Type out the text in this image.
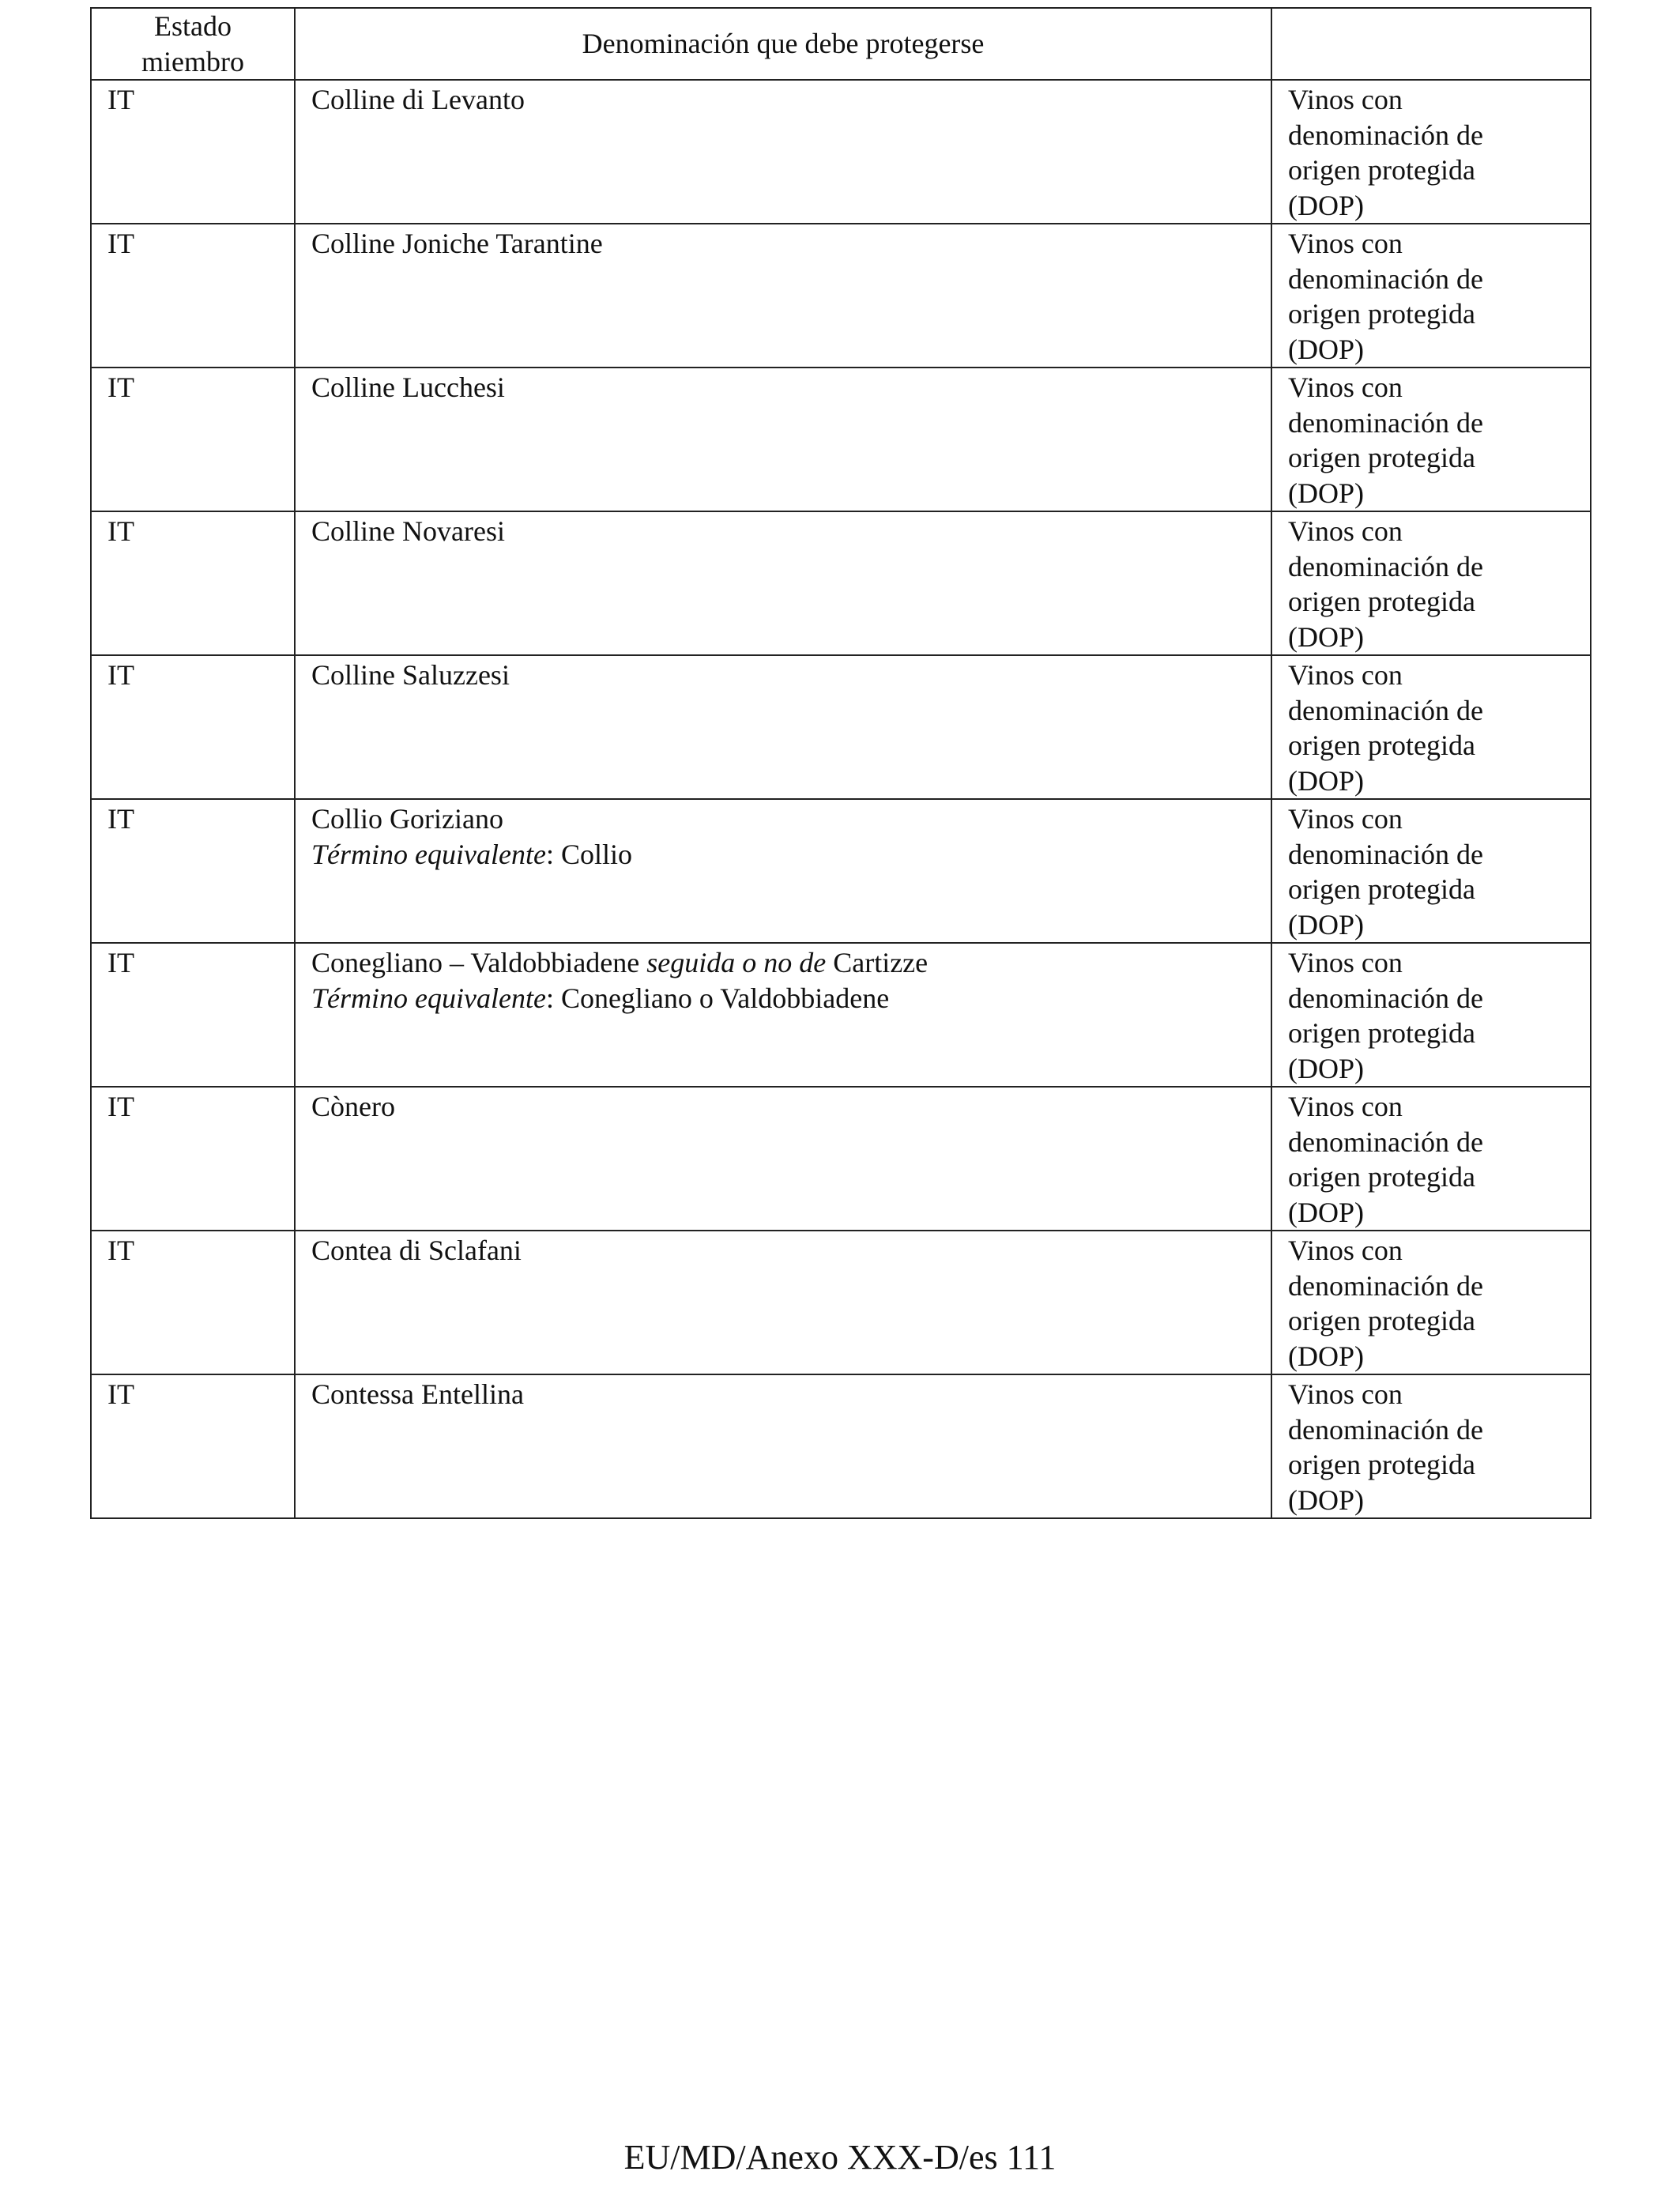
Estado
miembro	Denominación que debe protegerse	
IT	Colline di Levanto	Vinos con
denominación de
origen protegida
(DOP)

IT	Colline Joniche Tarantine	Vinos con
denominación de
origen protegida
(DOP)

IT	Colline Lucchesi	Vinos con
denominación de
origen protegida
(DOP)

IT	Colline Novaresi	Vinos con
denominación de
origen protegida
(DOP)

IT	Colline Saluzzesi	Vinos con
denominación de
origen protegida
(DOP)

IT	Collio Goriziano
Término equivalente: Collio	Vinos con
denominación de
origen protegida
(DOP)

IT	Conegliano – Valdobbiadene seguida o no de Cartizze
Término equivalente: Conegliano o Valdobbiadene	Vinos con
denominación de
origen protegida
(DOP)

IT	Cònero	Vinos con
denominación de
origen protegida
(DOP)

IT	Contea di Sclafani	Vinos con
denominación de
origen protegida
(DOP)

IT	Contessa Entellina	Vinos con
denominación de
origen protegida
(DOP)
EU/MD/Anexo XXX-D/es 111
